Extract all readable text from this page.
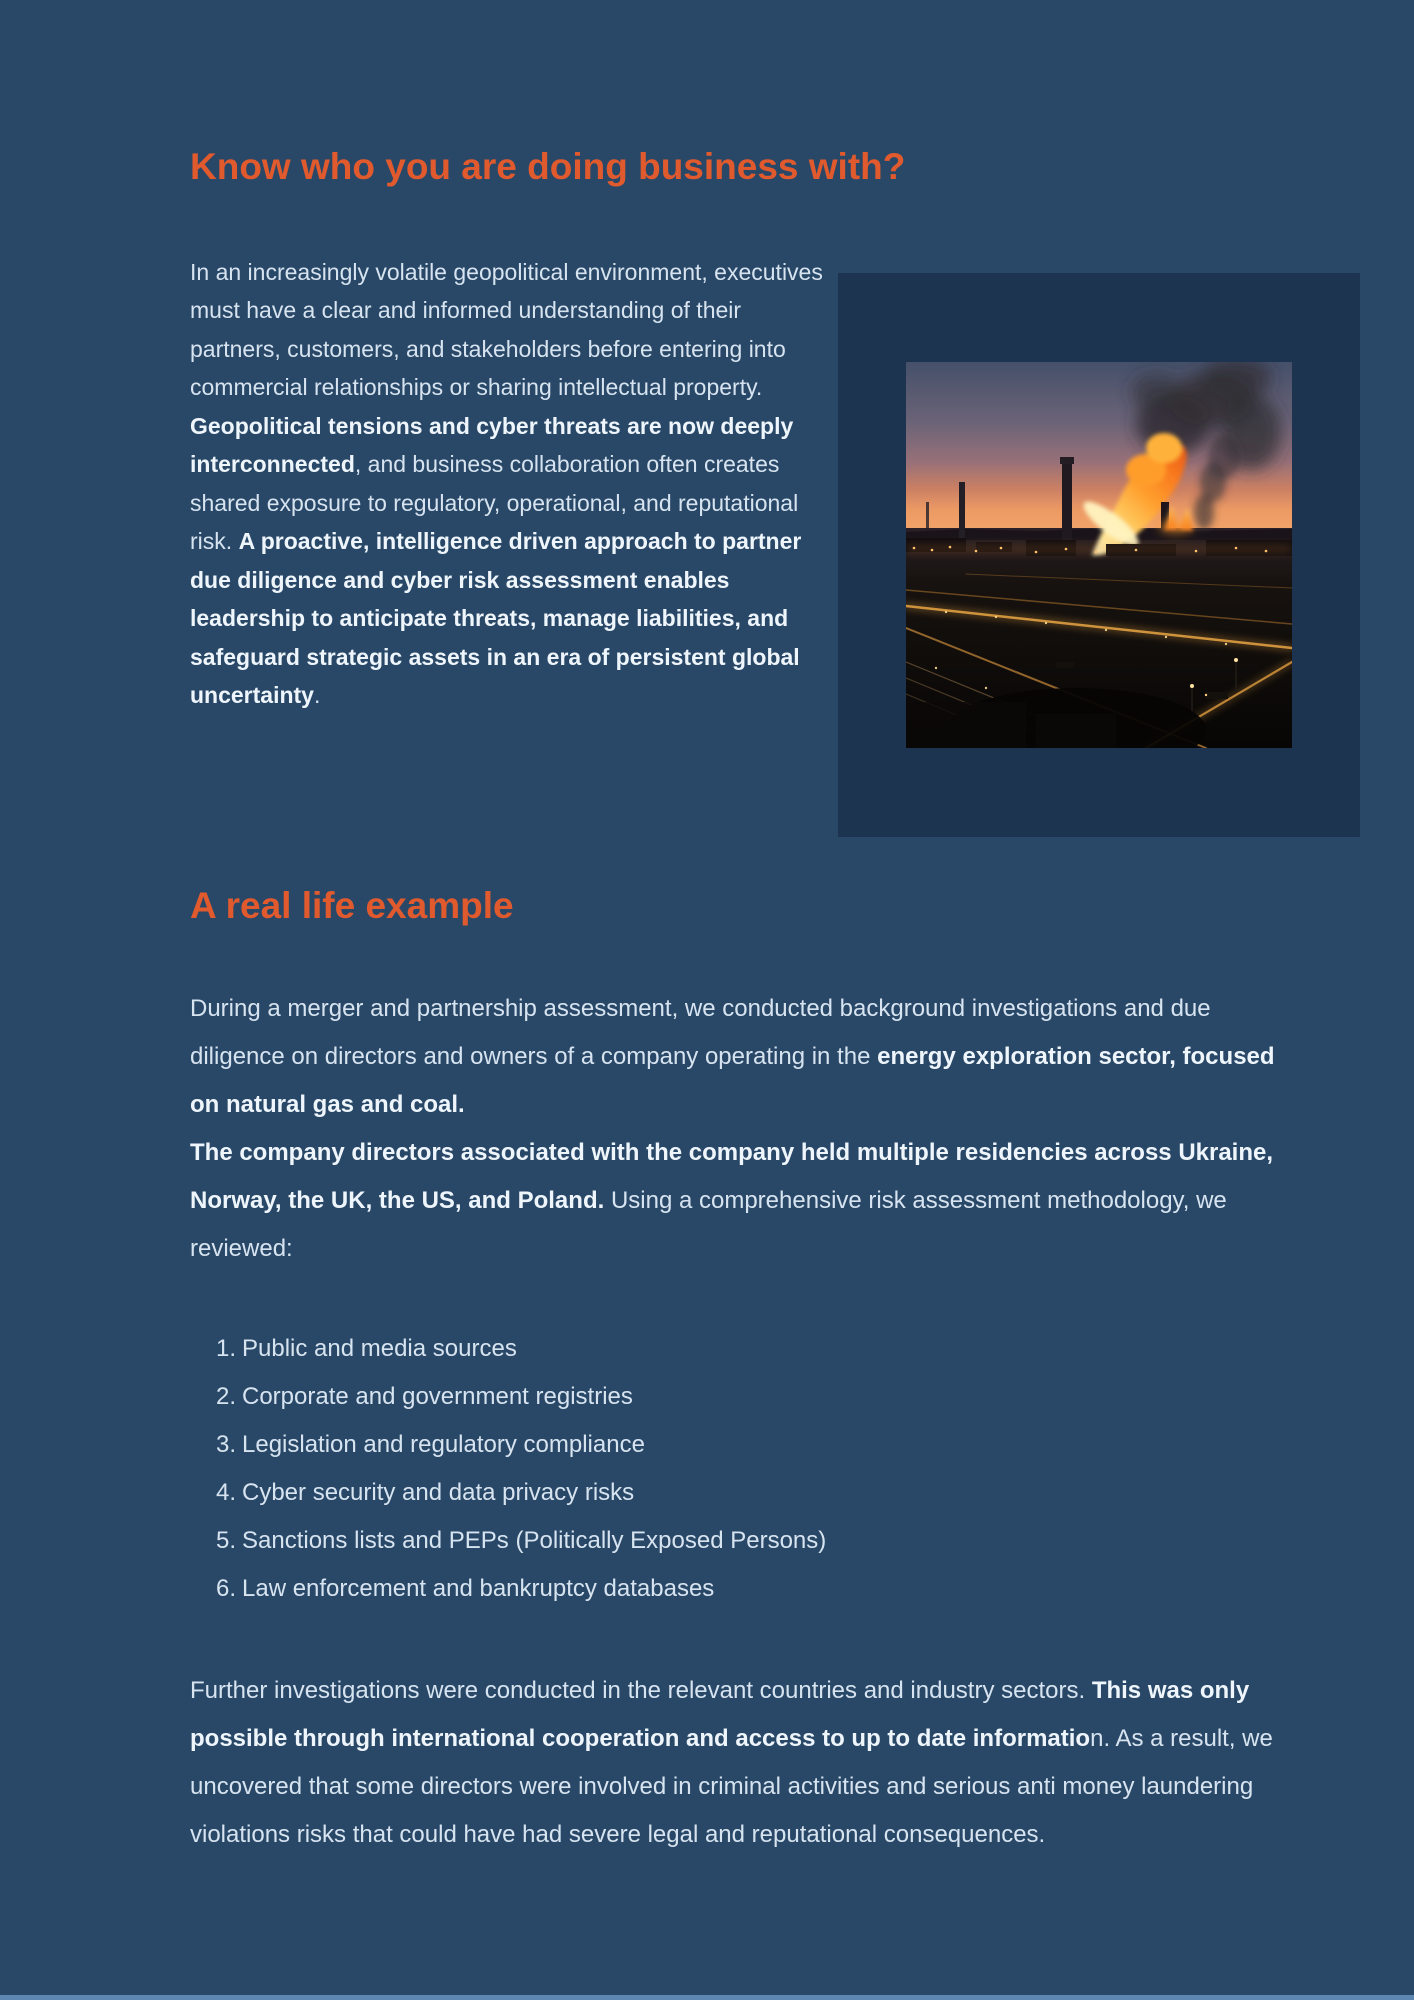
Know who you are doing business with?

In an increasingly volatile geopolitical environment, executives must have a clear and informed understanding of their partners, customers, and stakeholders before entering into commercial relationships or sharing intellectual property. Geopolitical tensions and cyber threats are now deeply interconnected, and business collaboration often creates shared exposure to regulatory, operational, and reputational risk. A proactive, intelligence driven approach to partner due diligence and cyber risk assessment enables leadership to anticipate threats, manage liabilities, and safeguard strategic assets in an era of persistent global uncertainty.

A real life example

During a merger and partnership assessment, we conducted background investigations and due diligence on directors and owners of a company operating in the energy exploration sector, focused on natural gas and coal.
The company directors associated with the company held multiple residencies across Ukraine, Norway, the UK, the US, and Poland. Using a comprehensive risk assessment methodology, we reviewed:

1. Public and media sources
2. Corporate and government registries
3. Legislation and regulatory compliance
4. Cyber security and data privacy risks
5. Sanctions lists and PEPs (Politically Exposed Persons)
6. Law enforcement and bankruptcy databases

Further investigations were conducted in the relevant countries and industry sectors. This was only possible through international cooperation and access to up to date information. As a result, we uncovered that some directors were involved in criminal activities and serious anti money laundering violations risks that could have had severe legal and reputational consequences.
